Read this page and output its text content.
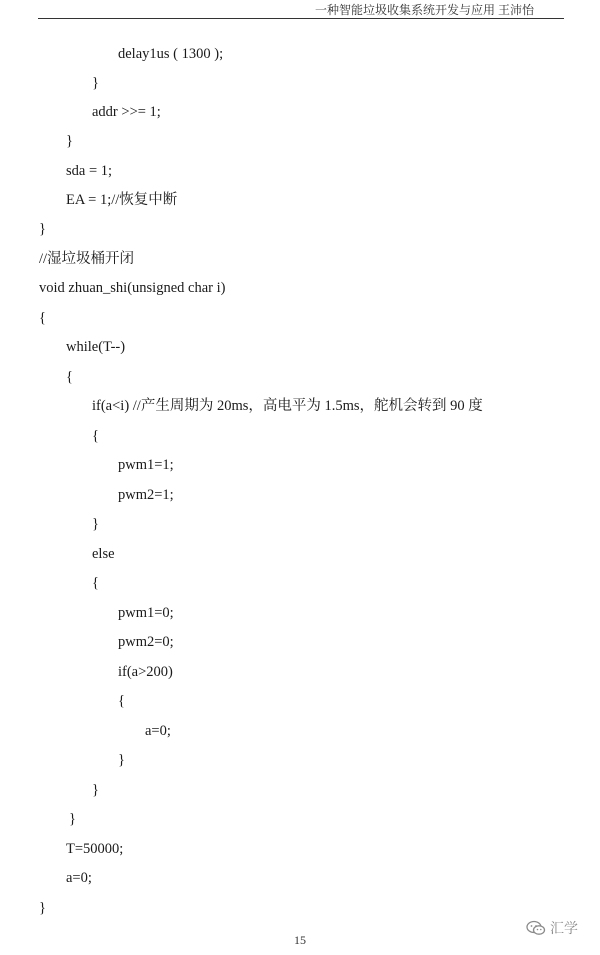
一种智能垃圾收集系统开发与应用 王沛怡
delay1us ( 1300 );
}
addr >>= 1;
}
sda = 1;
EA = 1;//恢复中断
}
//湿垃圾桶开闭
void zhuan_shi(unsigned char i)
{
while(T--)
{
if(a<i) //产生周期为 20ms，高电平为 1.5ms，舵机会转到 90 度
{
pwm1=1;
pwm2=1;
}
else
{
pwm1=0;
pwm2=0;
if(a>200)
{
a=0;
}
}
}
T=50000;
a=0;
}
15
汇学
